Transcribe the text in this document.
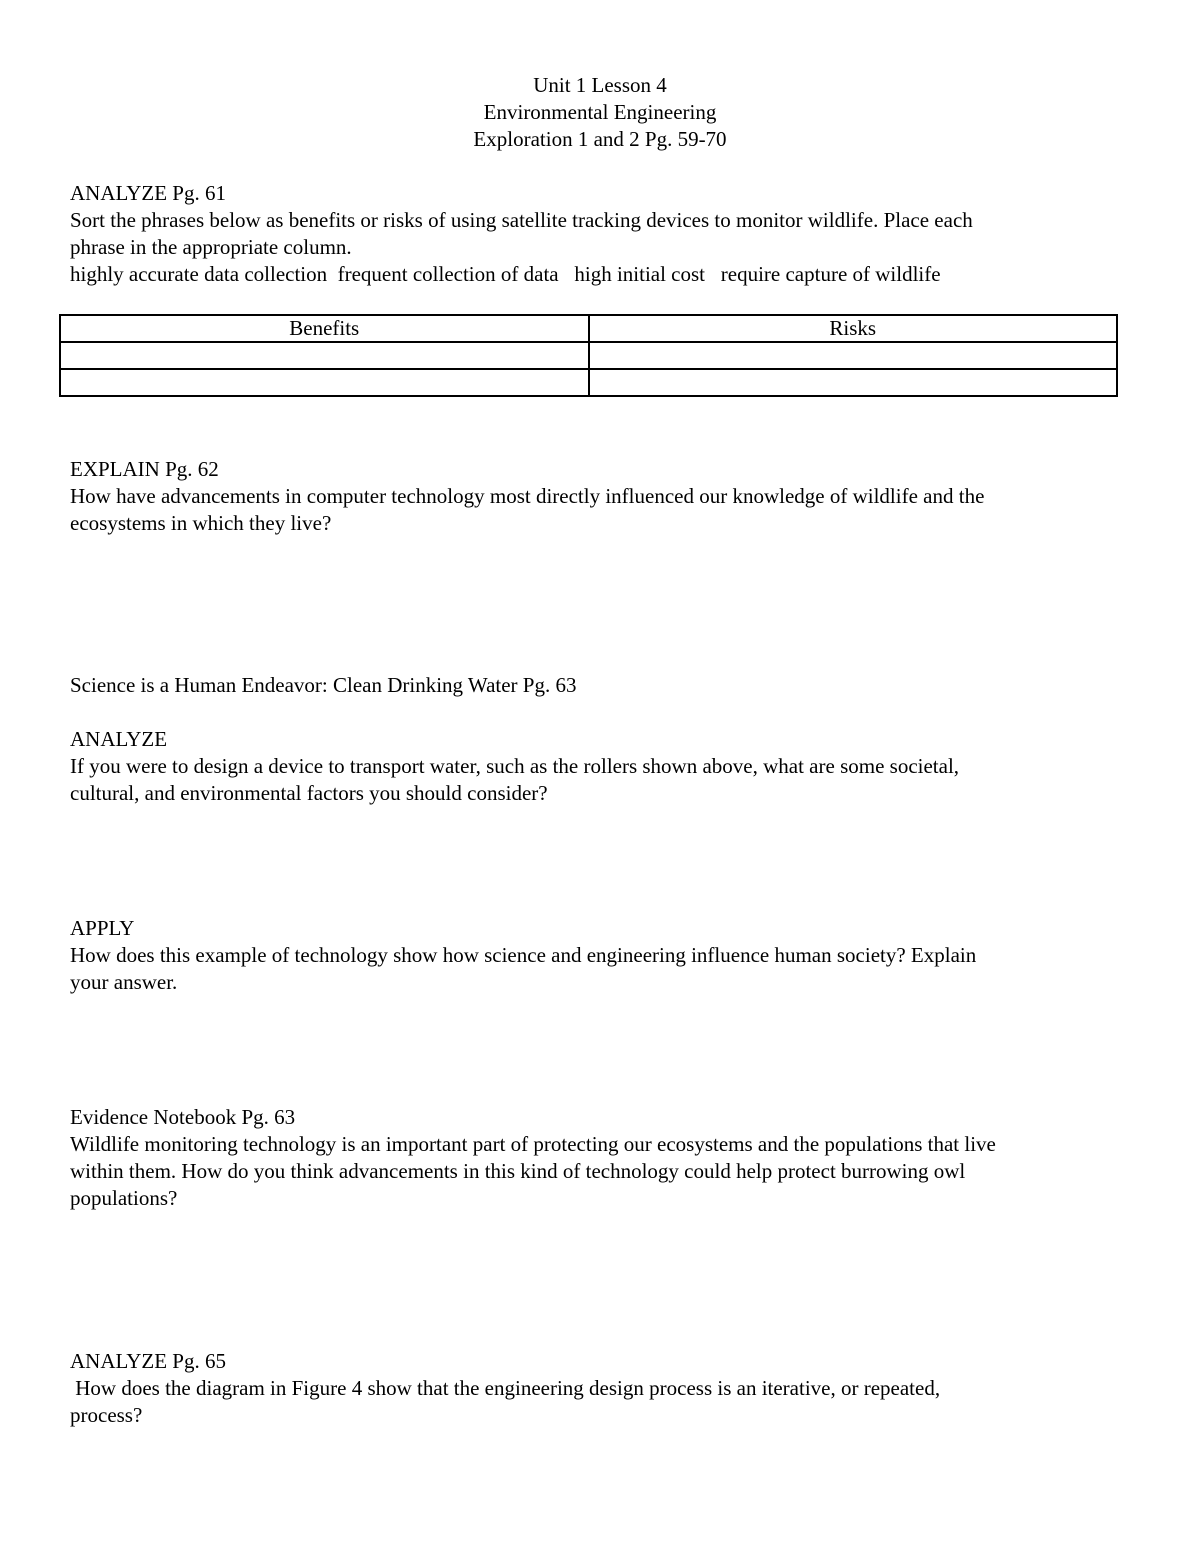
Unit 1 Lesson 4
Environmental Engineering
Exploration 1 and 2 Pg. 59-70
ANALYZE Pg. 61
Sort the phrases below as benefits or risks of using satellite tracking devices to monitor wildlife. Place each
phrase in the appropriate column.
highly accurate data collection  frequent collection of data   high initial cost   require capture of wildlife
Benefits	Risks

EXPLAIN Pg. 62
How have advancements in computer technology most directly influenced our knowledge of wildlife and the
ecosystems in which they live?
Science is a Human Endeavor: Clean Drinking Water Pg. 63
ANALYZE
If you were to design a device to transport water, such as the rollers shown above, what are some societal,
cultural, and environmental factors you should consider?
APPLY
How does this example of technology show how science and engineering influence human society? Explain
your answer.
Evidence Notebook Pg. 63
Wildlife monitoring technology is an important part of protecting our ecosystems and the populations that live
within them. How do you think advancements in this kind of technology could help protect burrowing owl
populations?
ANALYZE Pg. 65
How does the diagram in Figure 4 show that the engineering design process is an iterative, or repeated,
process?
